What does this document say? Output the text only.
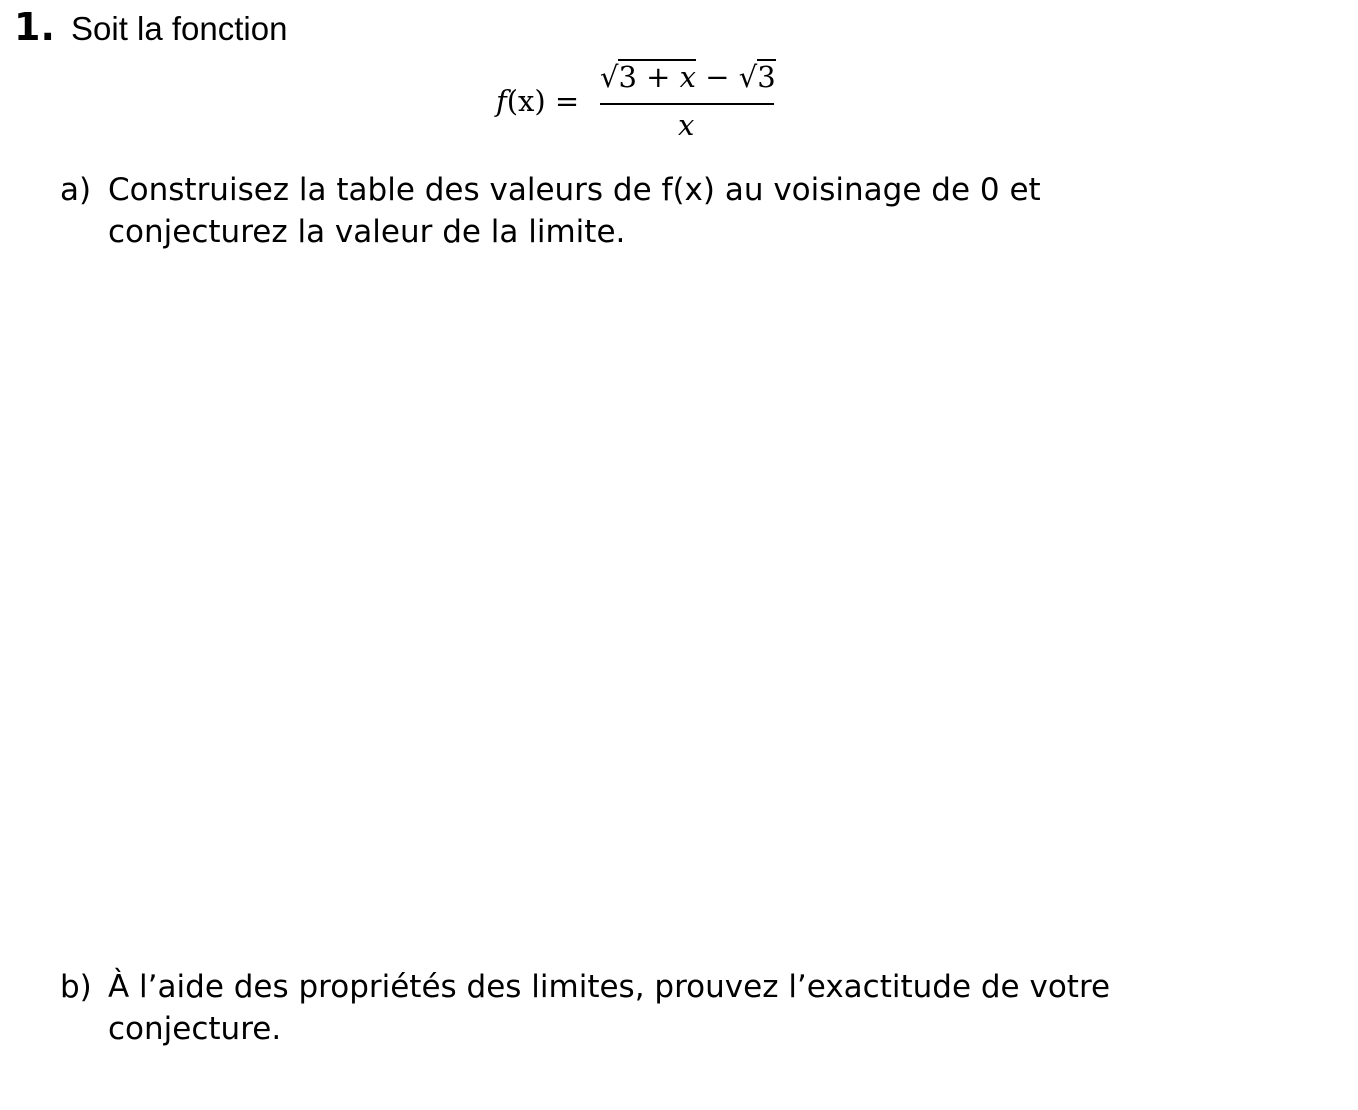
1. Soit la fonction
f(x) =
√3 + x − √3
x
a) Construisez la table des valeurs de f(x) au voisinage de 0 et
conjecturez la valeur de la limite.
b) À l’aide des propriétés des limites, prouvez l’exactitude de votre
conjecture.
